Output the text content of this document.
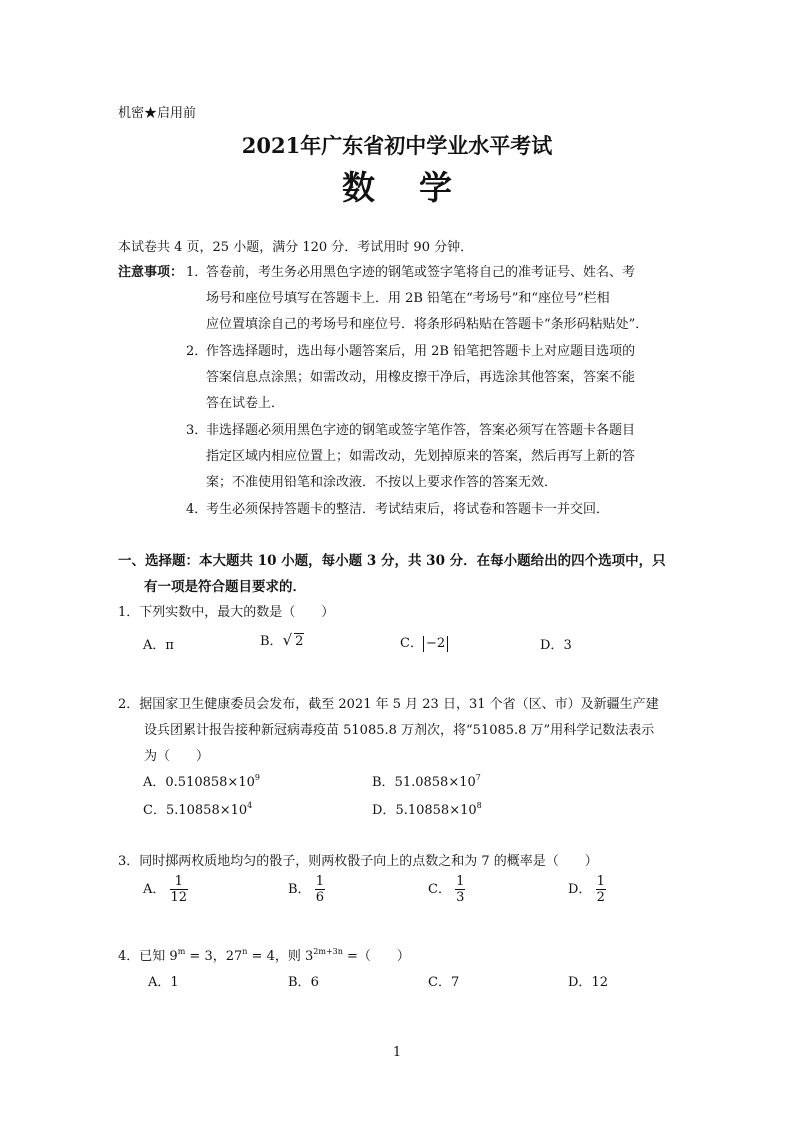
机密★启用前
2021年广东省初中学业水平考试
数学
本试卷共 4 页，25 小题，满分 120 分．考试用时 90 分钟．
注意事项： 1．
答卷前，考生务必用黑色字迹的钢笔或签字笔将自己的准考证号、姓名、考
场号和座位号填写在答题卡上．用 2B 铅笔在“考场号”和“座位号”栏相
应位置填涂自己的考场号和座位号．将条形码粘贴在答题卡“条形码粘贴处”．
2．
作答选择题时，选出每小题答案后，用 2B 铅笔把答题卡上对应题目选项的
答案信息点涂黑；如需改动，用橡皮擦干净后，再选涂其他答案，答案不能
答在试卷上．
3．
非选择题必须用黑色字迹的钢笔或签字笔作答，答案必须写在答题卡各题目
指定区域内相应位置上；如需改动，先划掉原来的答案，然后再写上新的答
案；不准使用铅笔和涂改液．不按以上要求作答的答案无效．
4．
考生必须保持答题卡的整洁．考试结束后，将试卷和答题卡一并交回．
一、选择题：本大题共 10 小题，每小题 3 分，共 30 分．在每小题给出的四个选项中，只
有一项是符合题目要求的．
1．下列实数中，最大的数是（　　）
A．π	B．√ 2	C． −2	D．3
2．据国家卫生健康委员会发布，截至 2021 年 5 月 23 日，31 个省（区、市）及新疆生产建
设兵团累计报告接种新冠病毒疫苗 51085.8 万剂次，将“51085.8 万”用科学记数法表示
为（　　）
A．$0.510858\times 10^9$	B．$51.0858\times 10^7$
C．$5.10858\times 10^4$	D．$5.10858\times 10^8$
3．同时掷两枚质地均匀的骰子，则两枚骰子向上的点数之和为 7 的概率是（　　）
A． $\frac{1}{12}$	B． $\frac{1}{6}$	C． $\frac{1}{3}$	D． $\frac{1}{2}$
4．已知 $9^m = 3$，$27^n = 4$，则 $3^{2m+3n}$ =（　　）
A．1	B．6	C．7	D．12
1
